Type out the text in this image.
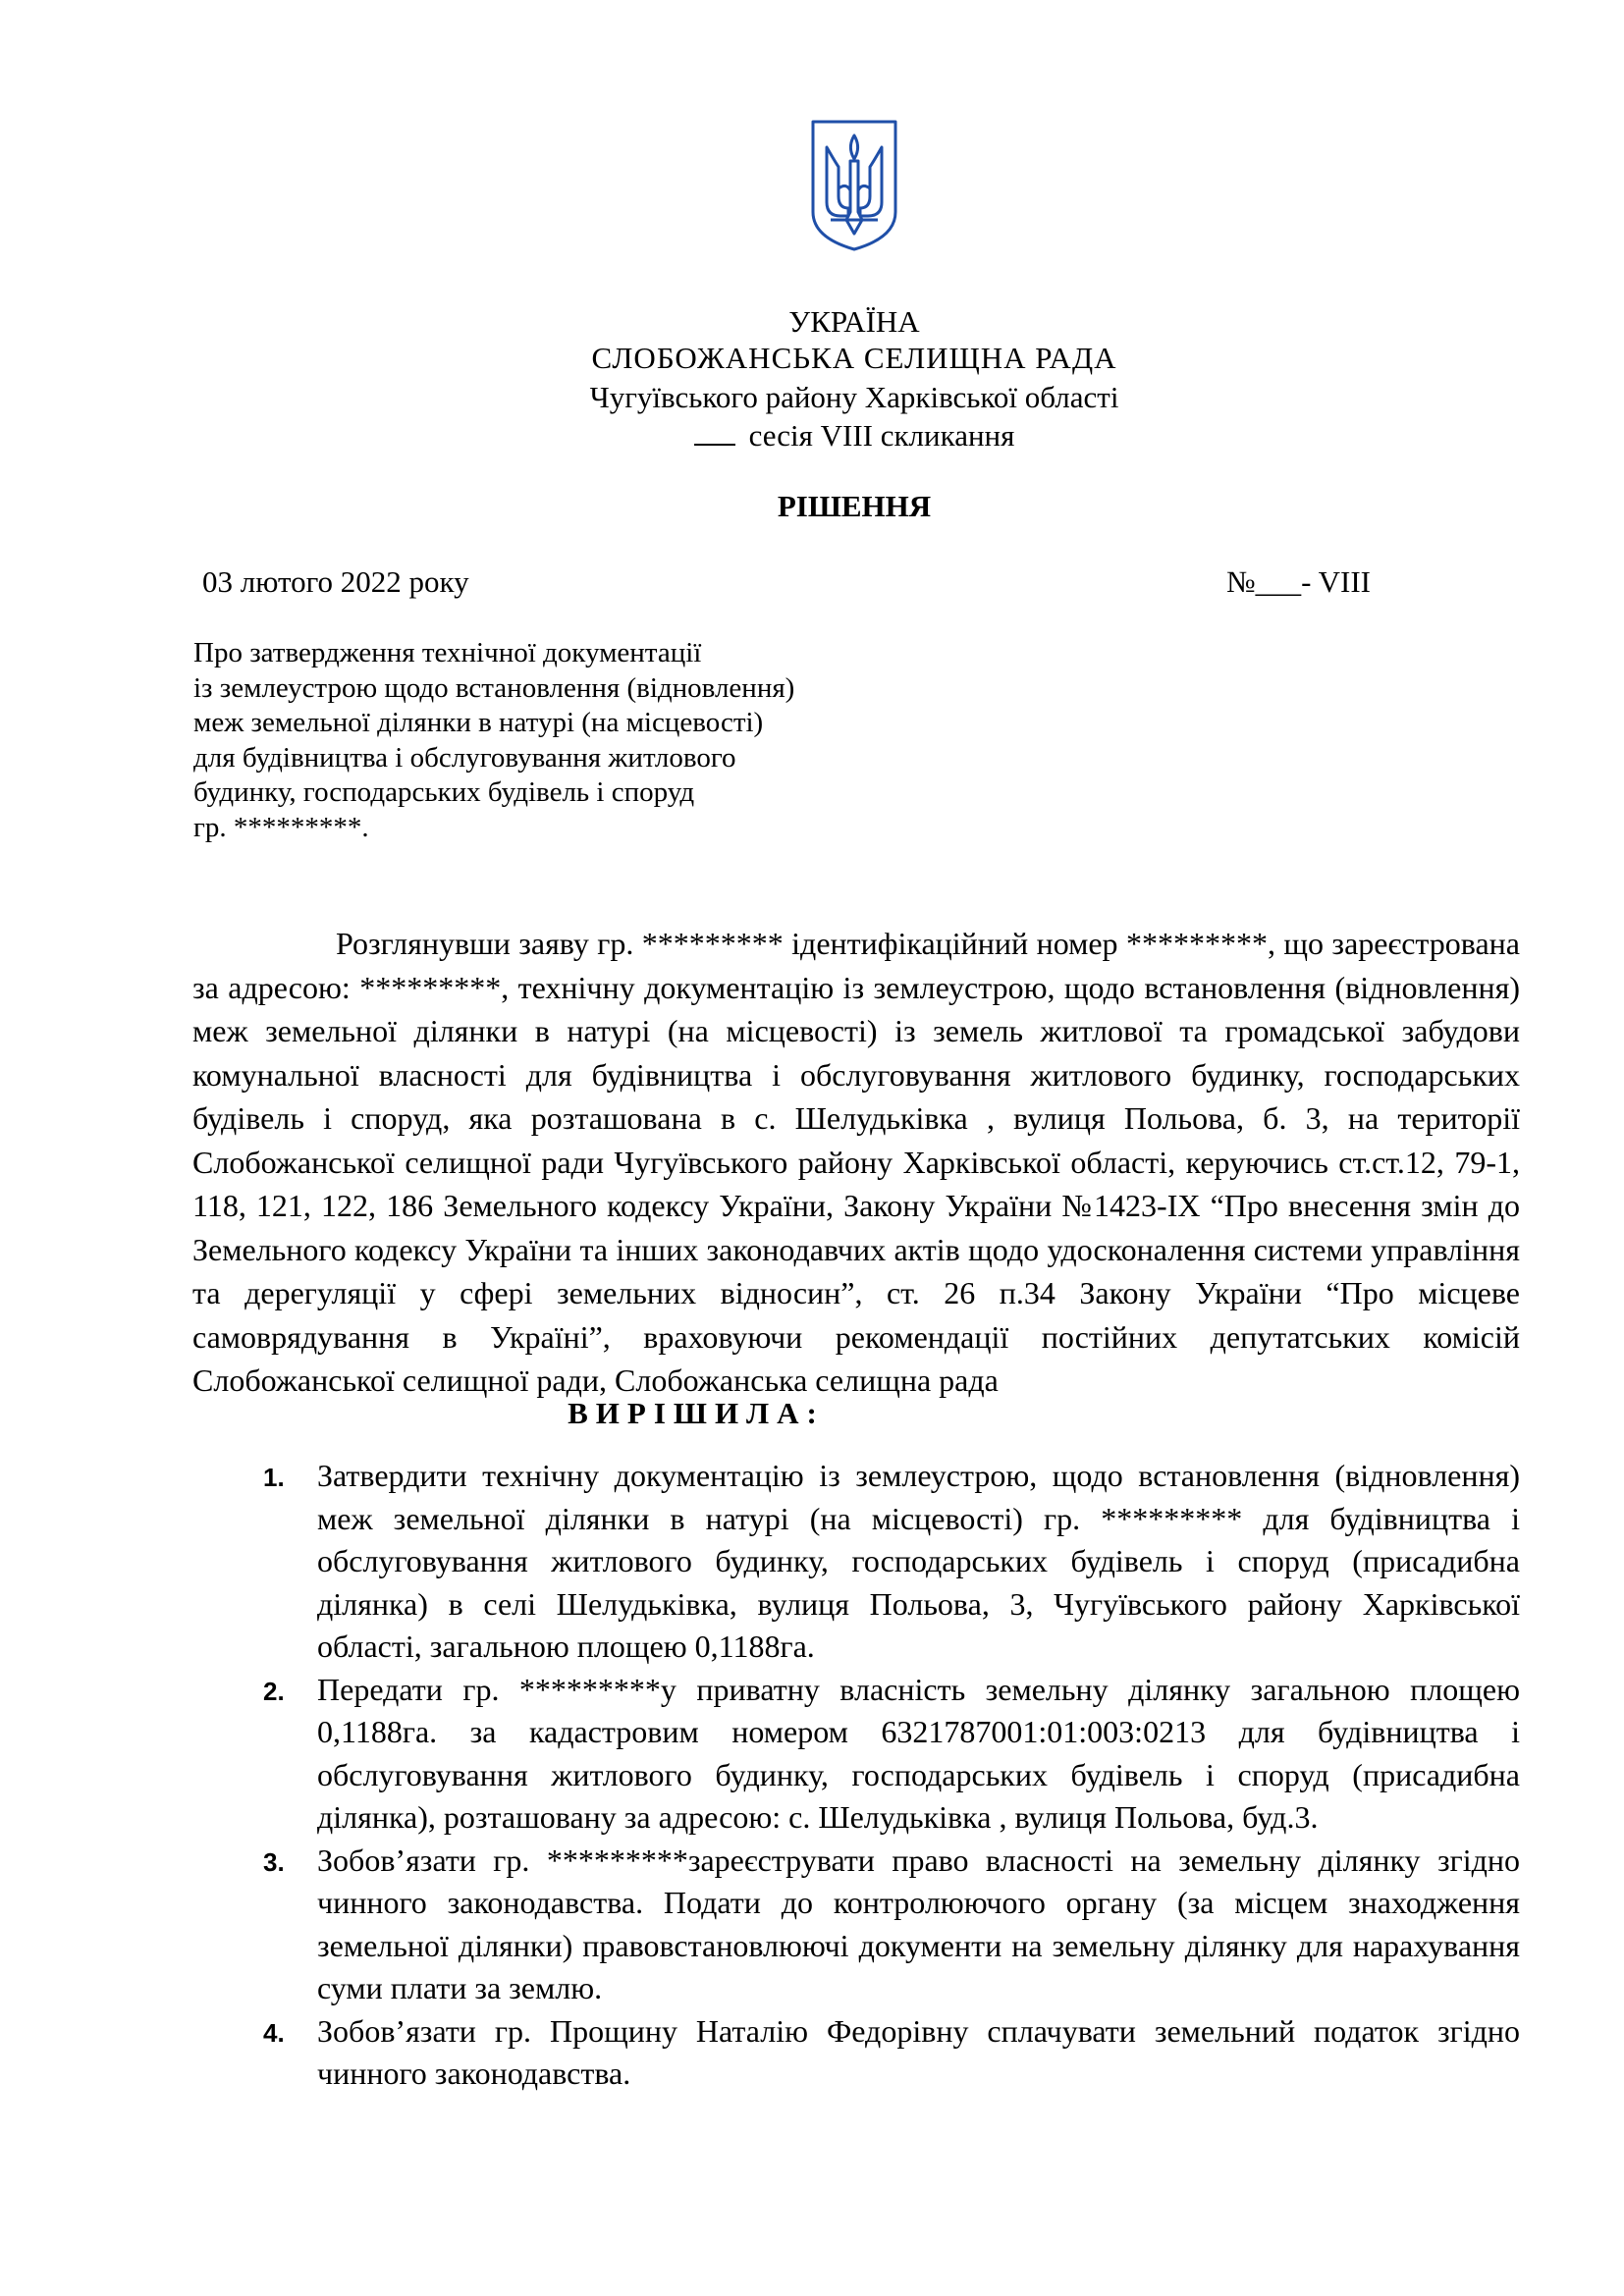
УКРАЇНА
СЛОБОЖАНСЬКА СЕЛИЩНА РАДА
Чугуївського району Харківської області
сесія VIII скликання
РІШЕННЯ
03 лютого 2022 року	№___- VIII
Про затвердження технічної документації
із землеустрою щодо встановлення (відновлення)
меж земельної ділянки в натурі (на місцевості)
для будівництва і обслуговування житлового
будинку, господарських будівель і споруд
гр. *********.
Розглянувши заяву гр. ********* ідентифікаційний номер *********, що зареєстрована за адресою: *********, технічну документацію із землеустрою, щодо встановлення (відновлення) меж земельної ділянки в натурі (на місцевості) із земель житлової та громадської забудови комунальної власності для будівництва і обслуговування житлового будинку, господарських будівель і споруд, яка розташована в с. Шелудьківка , вулиця Польова, б. 3, на території Слобожанської селищної ради Чугуївського району Харківської області, керуючись ст.ст.12, 79-1, 118, 121, 122, 186 Земельного кодексу України, Закону України №1423-IX “Про внесення змін до Земельного кодексу України та інших законодавчих актів щодо удосконалення системи управління та дерегуляції у сфері земельних відносин”, ст. 26 п.34 Закону України “Про місцеве самоврядування в Україні”, враховуючи рекомендації постійних депутатських комісій Слобожанської селищної ради, Слобожанська селищна рада
ВИРІШИЛА:
1. Затвердити технічну документацію із землеустрою, щодо встановлення (відновлення) меж земельної ділянки в натурі (на місцевості) гр. ********* для будівництва і обслуговування житлового будинку, господарських будівель і споруд (присадибна ділянка) в селі Шелудьківка, вулиця Польова, 3, Чугуївського району Харківської області, загальною площею 0,1188га.
2. Передати гр. *********у приватну власність земельну ділянку загальною площею 0,1188га. за кадастровим номером 6321787001:01:003:0213 для будівництва і обслуговування житлового будинку, господарських будівель і споруд (присадибна ділянка), розташовану за адресою: с. Шелудьківка , вулиця Польова, буд.3.
3. Зобов’язати гр. *********зареєструвати право власності на земельну ділянку згідно чинного законодавства. Подати до контролюючого органу (за місцем знаходження земельної ділянки) правовстановлюючі документи на земельну ділянку для нарахування суми плати за землю.
4. Зобов’язати гр. Прощину Наталію Федорівну сплачувати земельний податок згідно чинного законодавства.
